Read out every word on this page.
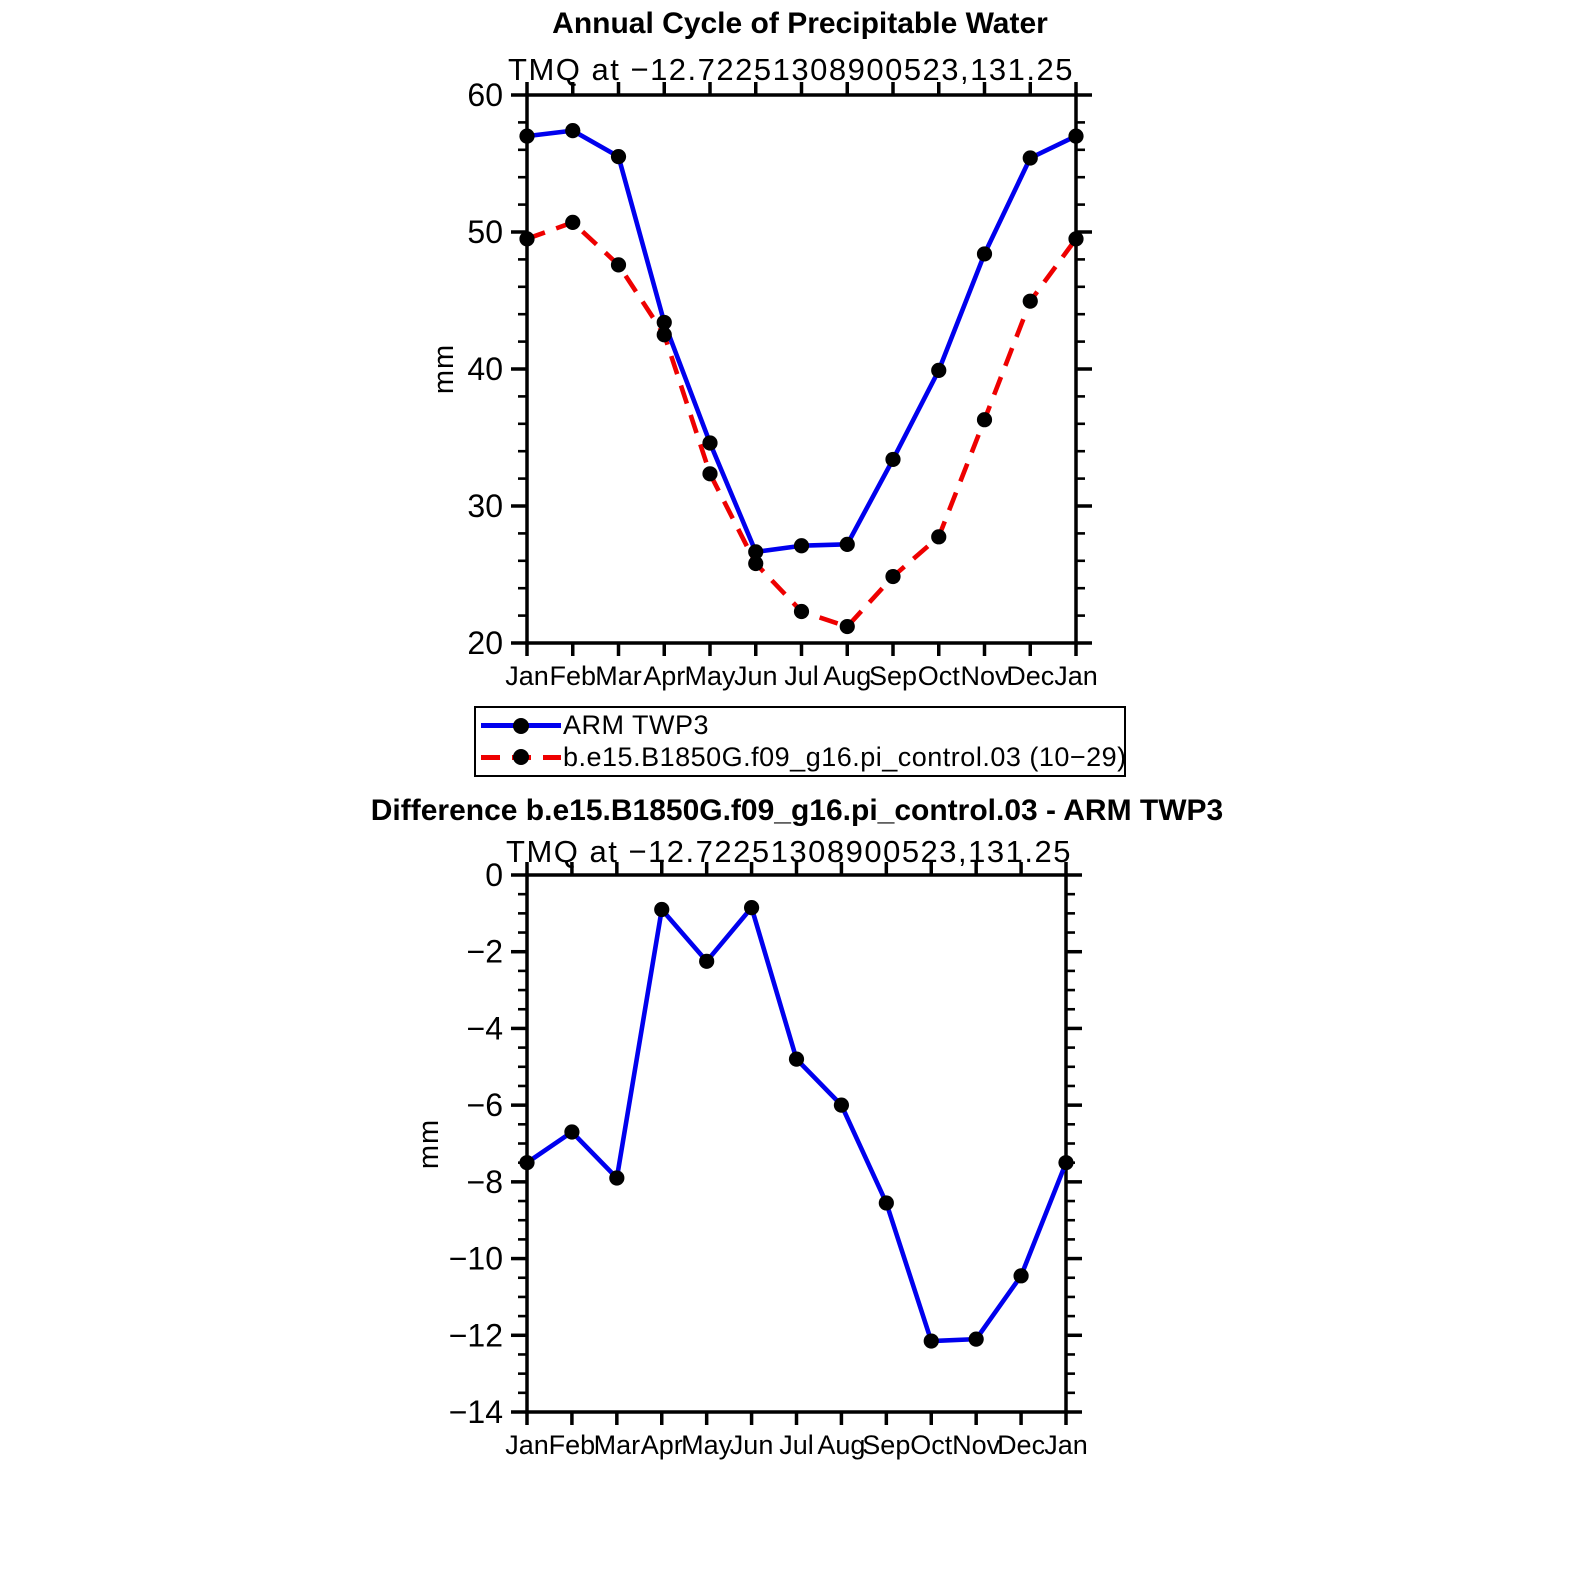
20
30
40
50
60
Jan Feb Mar Apr May
Jun Jul Aug
Sep Oct Nov
Dec Jan
0
−2
−4
−6
−8
−10
−12
−14
Jan Feb
Mar Apr
May
Jun Jul Aug
Sep Oct Nov
Dec Jan
Annual Cycle of Precipitable Water
TMQ at −12.72251308900523,131.25
mm
Difference b.e15.B1850G.f09_g16.pi_control.03 - ARM TWP3
TMQ at −12.72251308900523,131.25
mm
ARM TWP3
b.e15.B1850G.f09_g16.pi_control.03 (10−29)
